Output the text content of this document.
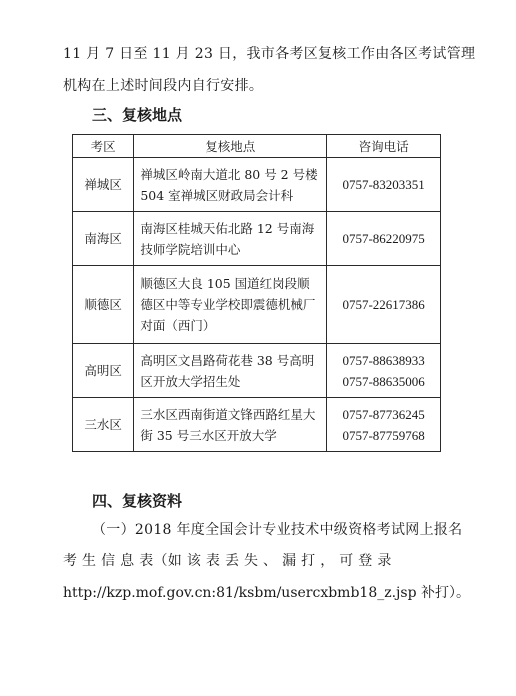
11 月 7 日至 11 月 23 日，我市各考区复核工作由各区考试管理
机构在上述时间段内自行安排。
三、复核地点
考区	复核地点	咨询电话
禅城区	禅城区岭南大道北 80 号 2 号楼 504 室禅城区财政局会计科	0757-83203351

南海区	南海区桂城天佑北路 12 号南海技师学院培训中心	0757-86220975

顺德区	顺德区大良 105 国道红岗段顺德区中等专业学校即震德机械厂对面（西门）	0757-22617386

高明区	高明区文昌路荷花巷 38 号高明区开放大学招生处	0757-88638933
0757-88635006

三水区	三水区西南街道文锋西路红星大街 35 号三水区开放大学	0757-87736245
0757-87759768
四、复核资料
（一）2018 年度全国会计专业技术中级资格考试网上报名
考 生 信 息 表（如 该 表 丢 失 、 漏 打 ， 可 登 录
http://kzp.mof.gov.cn:81/ksbm/usercxbmb18_z.jsp 补打）。
